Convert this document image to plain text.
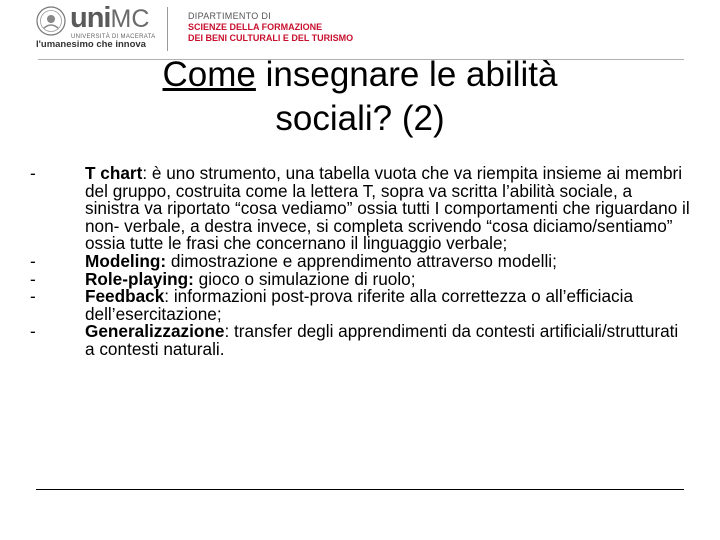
uniMC
UNIVERSITÀ DI MACERATA
l'umanesimo che innova
DIPARTIMENTO DI
SCIENZE DELLA FORMAZIONE
DEI BENI CULTURALI E DEL TURISMO
Come insegnare le abilità
sociali? (2)

-	T chart: è uno strumento, una tabella vuota che va riempita insieme ai membri del gruppo, costruita come la lettera T, sopra va scritta l’abilità sociale, a sinistra va riportato “cosa vediamo” ossia tutti I comportamenti che riguardano il non- verbale, a destra invece, si completa scrivendo “cosa diciamo/sentiamo” ossia tutte le frasi che concernano il linguaggio verbale;

-	Modeling: dimostrazione e apprendimento attraverso modelli;

-	Role-playing: gioco o simulazione di ruolo;

-	Feedback: informazioni post-prova riferite alla correttezza o all’efficiacia dell’esercitazione;

-	Generalizzazione: transfer degli apprendimenti da contesti artificiali/strutturati a contesti naturali.
